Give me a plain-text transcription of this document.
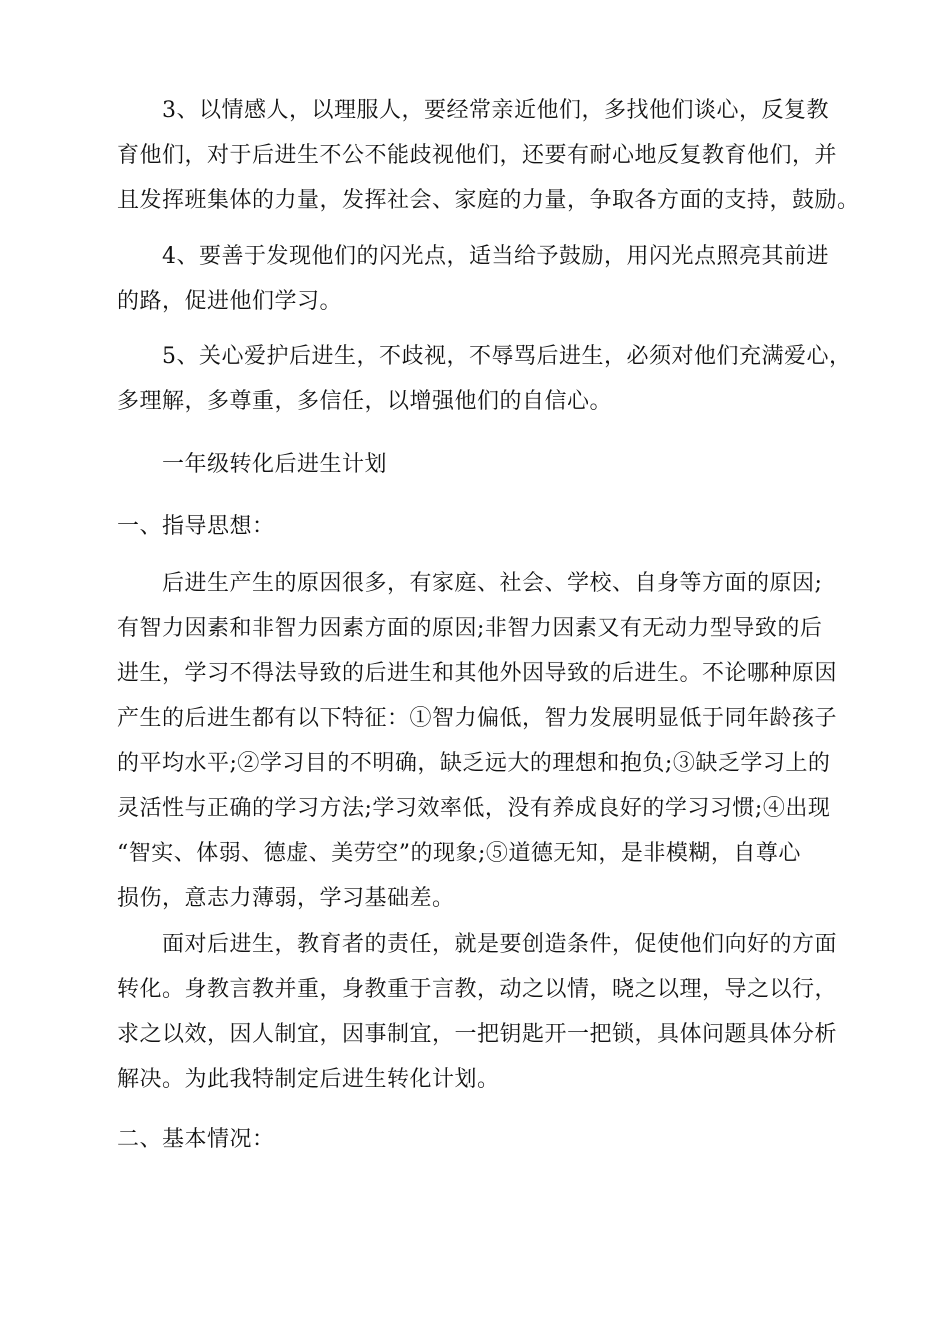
3、以情感人，以理服人，要经常亲近他们，多找他们谈心，反复教
育他们，对于后进生不公不能歧视他们，还要有耐心地反复教育他们，并
且发挥班集体的力量，发挥社会、家庭的力量，争取各方面的支持，鼓励。
4、要善于发现他们的闪光点，适当给予鼓励，用闪光点照亮其前进
的路，促进他们学习。
5、关心爱护后进生，不歧视，不辱骂后进生，必须对他们充满爱心，
多理解，多尊重，多信任，以增强他们的自信心。
一年级转化后进生计划
一、指导思想：
后进生产生的原因很多，有家庭、社会、学校、自身等方面的原因;
有智力因素和非智力因素方面的原因;非智力因素又有无动力型导致的后
进生，学习不得法导致的后进生和其他外因导致的后进生。不论哪种原因
产生的后进生都有以下特征：①智力偏低，智力发展明显低于同年龄孩子
的平均水平;②学习目的不明确，缺乏远大的理想和抱负;③缺乏学习上的
灵活性与正确的学习方法;学习效率低，没有养成良好的学习习惯;④出现
“智实、体弱、德虚、美劳空”的现象;⑤道德无知，是非模糊，自尊心
损伤，意志力薄弱，学习基础差。
面对后进生，教育者的责任，就是要创造条件，促使他们向好的方面
转化。身教言教并重，身教重于言教，动之以情，晓之以理，导之以行，
求之以效，因人制宜，因事制宜，一把钥匙开一把锁，具体问题具体分析
解决。为此我特制定后进生转化计划。
二、基本情况：
